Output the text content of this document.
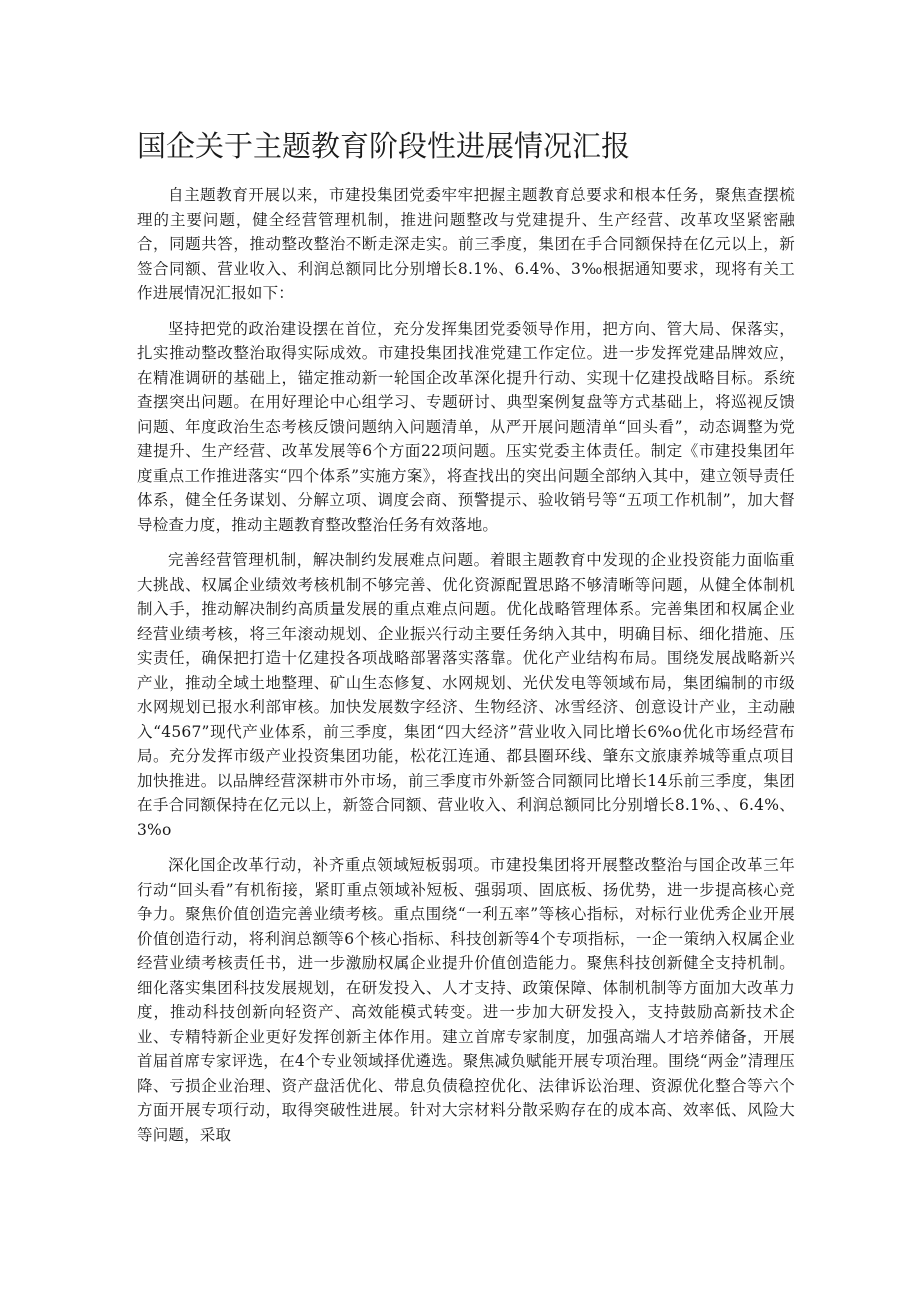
国企关于主题教育阶段性进展情况汇报

自主题教育开展以来，市建投集团党委牢牢把握主题教育总要求和根本任务，聚焦查摆梳理的主要问题，健全经营管理机制，推进问题整改与党建提升、生产经营、改革攻坚紧密融合，同题共答，推动整改整治不断走深走实。前三季度，集团在手合同额保持在亿元以上，新签合同额、营业收入、利润总额同比分别增长8.1%、6.4%、3‰根据通知要求，现将有关工作进展情况汇报如下：

坚持把党的政治建设摆在首位，充分发挥集团党委领导作用，把方向、管大局、保落实，扎实推动整改整治取得实际成效。市建投集团找准党建工作定位。进一步发挥党建品牌效应，在精准调研的基础上，锚定推动新一轮国企改革深化提升行动、实现十亿建投战略目标。系统查摆突出问题。在用好理论中心组学习、专题研讨、典型案例复盘等方式基础上，将巡视反馈问题、年度政治生态考核反馈问题纳入问题清单，从严开展问题清单“回头看”，动态调整为党建提升、生产经营、改革发展等6个方面22项问题。压实党委主体责任。制定《市建投集团年度重点工作推进落实“四个体系”实施方案》，将查找出的突出问题全部纳入其中，建立领导责任体系，健全任务谋划、分解立项、调度会商、预警提示、验收销号等“五项工作机制”，加大督导检查力度，推动主题教育整改整治任务有效落地。

完善经营管理机制，解决制约发展难点问题。着眼主题教育中发现的企业投资能力面临重大挑战、权属企业绩效考核机制不够完善、优化资源配置思路不够清晰等问题，从健全体制机制入手，推动解决制约高质量发展的重点难点问题。优化战略管理体系。完善集团和权属企业经营业绩考核，将三年滚动规划、企业振兴行动主要任务纳入其中，明确目标、细化措施、压实责任，确保把打造十亿建投各项战略部署落实落靠。优化产业结构布局。围绕发展战略新兴产业，推动全域土地整理、矿山生态修复、水网规划、光伏发电等领域布局，集团编制的市级水网规划已报水利部审核。加快发展数字经济、生物经济、冰雪经济、创意设计产业，主动融入“4567”现代产业体系，前三季度，集团“四大经济”营业收入同比增长6%o优化市场经营布局。充分发挥市级产业投资集团功能，松花江连通、都县圈环线、肇东文旅康养城等重点项目加快推进。以品牌经营深耕市外市场，前三季度市外新签合同额同比增长14乐前三季度，集团在手合同额保持在亿元以上，新签合同额、营业收入、利润总额同比分别增长8.1%、、6.4%、3%o

深化国企改革行动，补齐重点领域短板弱项。市建投集团将开展整改整治与国企改革三年行动“回头看”有机衔接，紧盯重点领域补短板、强弱项、固底板、扬优势，进一步提高核心竞争力。聚焦价值创造完善业绩考核。重点围绕“一利五率”等核心指标，对标行业优秀企业开展价值创造行动，将利润总额等6个核心指标、科技创新等4个专项指标，一企一策纳入权属企业经营业绩考核责任书，进一步激励权属企业提升价值创造能力。聚焦科技创新健全支持机制。细化落实集团科技发展规划，在研发投入、人才支持、政策保障、体制机制等方面加大改革力度，推动科技创新向轻资产、高效能模式转变。进一步加大研发投入，支持鼓励高新技术企业、专精特新企业更好发挥创新主体作用。建立首席专家制度，加强高端人才培养储备，开展首届首席专家评选，在4个专业领域择优遴选。聚焦减负赋能开展专项治理。围绕“两金”清理压降、亏损企业治理、资产盘活优化、带息负债稳控优化、法律诉讼治理、资源优化整合等六个方面开展专项行动，取得突破性进展。针对大宗材料分散采购存在的成本高、效率低、风险大等问题，采取
